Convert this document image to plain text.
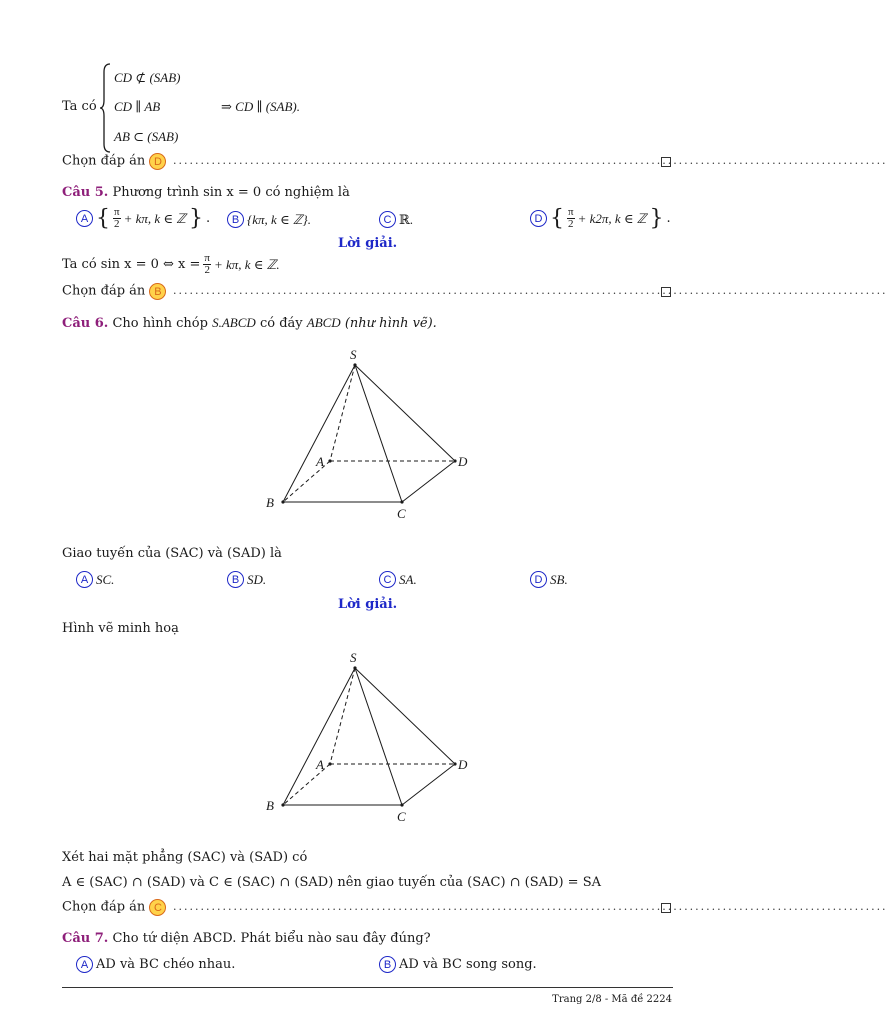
Ta có
CD ⊄ (SAB)
CD ∥ AB
AB ⊂ (SAB)
⇒ CD ∥ (SAB).
Chọn đáp án D	..................................................................................................................................
Câu 5. Phương trình sin x = 0 có nghiệm là
A { $\frac{\pi}{2} + k\pi$, k ∈ ℤ } .	B {kπ, k ∈ ℤ}.	C ℝ.	D { $\frac{\pi}{2} + k2\pi$, k ∈ ℤ } .
Lời giải.
Ta có sin x = 0 ⇔ $x = \frac{\pi}{2} + k\pi$, k ∈ ℤ.
Chọn đáp án B	..................................................................................................................................
Câu 6. Cho hình chóp S.ABCD có đáy ABCD (như hình vẽ).
S
A
B
C
D
Giao tuyến của (SAC) và (SAD) là
A SC.	B SD.	C SA.	D SB.
Lời giải.
Hình vẽ minh hoạ
S
A
B
C
D
Xét hai mặt phẳng (SAC) và (SAD) có
A ∈ (SAC) ∩ (SAD) và C ∈ (SAC) ∩ (SAD) nên giao tuyến của (SAC) ∩ (SAD) = SA
Chọn đáp án C	..................................................................................................................................
Câu 7. Cho tứ diện ABCD. Phát biểu nào sau đây đúng?
A AD và BC chéo nhau.	B AD và BC song song.
Trang 2/8 - Mã đề 2224
